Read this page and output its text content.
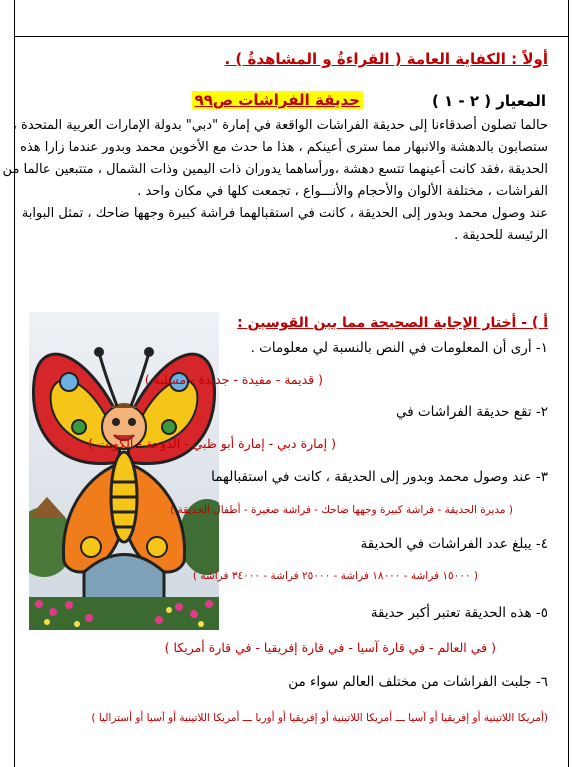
أولاً : الكفاية العامة ( القراءةُ و المشاهدةُ ) .
المعيار ( ٢ - ١ )
حديقة الفراشات ص٩٩
حالما تصلون أصدقاءنا إلى حديقة الفراشات الواقعة في إمارة "دبي" بدولة الإمارات العربية المتحدة ،
ستصابون بالدهشة والانبهار مما سترى أعينكم ، هذا ما حدث مع الأخوين محمد وبدور عندما زارا هذه
الحديقة ،فقد كانت أعينهما تتسع دهشة ،ورأساهما يدوران ذات اليمين وذات الشمال ، متتبعين عالما من
الفراشات ، مختلفة الألوان والأحجام والأنـــواع ، تجمعت كلها في مكان واحد .
عند وصول محمد وبدور إلى الحديقة ، كانت في استقبالهما فراشة كبيرة وجهها ضاحك ، تمثل البوابة
الرئيسة للحديقة .
أ ) - أختار الإجابة الصحيحة مما بين القوسين :
١- أرى أن المعلومات في النص بالنسبة لي معلومات .
( قديمة - مفيدة - جديدة - مسلية )
٢- تقع حديقة الفراشات في
( إمارة دبي - إمارة أبو ظبي - الدوحة - الكويت )
٣- عند وصول محمد وبدور إلى الحديقة ، كانت في استقبالهما
( مديرة الحديقة - فراشة كبيرة وجهها ضاحك - فراشة صغيرة - أطفال الحديقة )
٤- يبلغ عدد الفراشات في الحديقة
( ١٥٠٠٠ فراشة - ١٨٠٠٠ فراشة - ٢٥٠٠٠ فراشة - ٣٤٠٠٠ فراشة )
٥- هذه الحديقة تعتبر أكبر حديقة
( في العالم - في قارة آسيا - في قارة إفريقيا - في قارة أمريكا )
٦- جلبت الفراشات من مختلف العالم سواء من
(أمريكا اللاتينية أو إفريقيا أو آسيا ـــ أمريكا اللاتينية أو إفريقيا أو أوربا ـــ أمريكا اللاتينية أو آسيا أو أستراليا )
